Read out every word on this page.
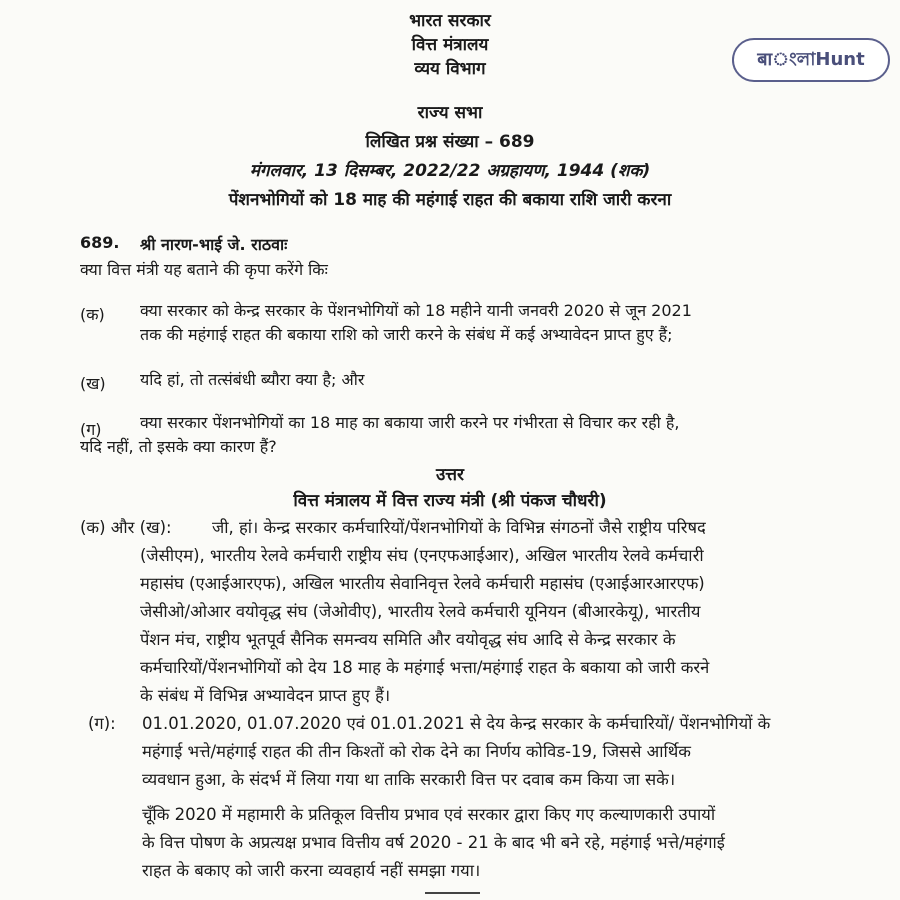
बाংলাHunt
भारत सरकार
वित्त मंत्रालय
व्यय विभाग
राज्य सभा
लिखित प्रश्न संख्या – 689
मंगलवार, 13 दिसम्बर, 2022/22 अग्रहायण, 1944 (शक)
पेंशनभोगियों को 18 माह की महंगाई राहत की बकाया राशि जारी करना
689. श्री नारण-भाई जे. राठवाः
क्या वित्त मंत्री यह बताने की कृपा करेंगे किः
(क) क्या सरकार को केन्द्र सरकार के पेंशनभोगियों को 18 महीने यानी जनवरी 2020 से जून 2021
तक की महंगाई राहत की बकाया राशि को जारी करने के संबंध में कई अभ्यावेदन प्राप्त हुए हैं;
(ख) यदि हां, तो तत्संबंधी ब्यौरा क्या है; और
(ग) क्या सरकार पेंशनभोगियों का 18 माह का बकाया जारी करने पर गंभीरता से विचार कर रही है,
यदि नहीं, तो इसके क्या कारण हैं?
उत्तर
वित्त मंत्रालय में वित्त राज्य मंत्री (श्री पंकज चौधरी)
(क) और (ख): जी, हां। केन्द्र सरकार कर्मचारियों/पेंशनभोगियों के विभिन्न संगठनों जैसे राष्ट्रीय परिषद
(जेसीएम), भारतीय रेलवे कर्मचारी राष्ट्रीय संघ (एनएफआईआर), अखिल भारतीय रेलवे कर्मचारी
महासंघ (एआईआरएफ), अखिल भारतीय सेवानिवृत्त रेलवे कर्मचारी महासंघ (एआईआरआरएफ)
जेसीओ/ओआर वयोवृद्ध संघ (जेओवीए), भारतीय रेलवे कर्मचारी यूनियन (बीआरकेयू), भारतीय
पेंशन मंच, राष्ट्रीय भूतपूर्व सैनिक समन्वय समिति और वयोवृद्ध संघ आदि से केन्द्र सरकार के
कर्मचारियों/पेंशनभोगियों को देय 18 माह के महंगाई भत्ता/महंगाई राहत के बकाया को जारी करने
के संबंध में विभिन्न अभ्यावेदन प्राप्त हुए हैं।
(ग): 01.01.2020, 01.07.2020 एवं 01.01.2021 से देय केन्द्र सरकार के कर्मचारियों/ पेंशनभोगियों के
महंगाई भत्ते/महंगाई राहत की तीन किश्तों को रोक देने का निर्णय कोविड-19, जिससे आर्थिक
व्यवधान हुआ, के संदर्भ में लिया गया था ताकि सरकारी वित्त पर दवाब कम किया जा सके।
चूँकि 2020 में महामारी के प्रतिकूल वित्तीय प्रभाव एवं सरकार द्वारा किए गए कल्याणकारी उपायों
के वित्त पोषण के अप्रत्यक्ष प्रभाव वित्तीय वर्ष 2020 - 21 के बाद भी बने रहे, महंगाई भत्ते/महंगाई
राहत के बकाए को जारी करना व्यवहार्य नहीं समझा गया।
